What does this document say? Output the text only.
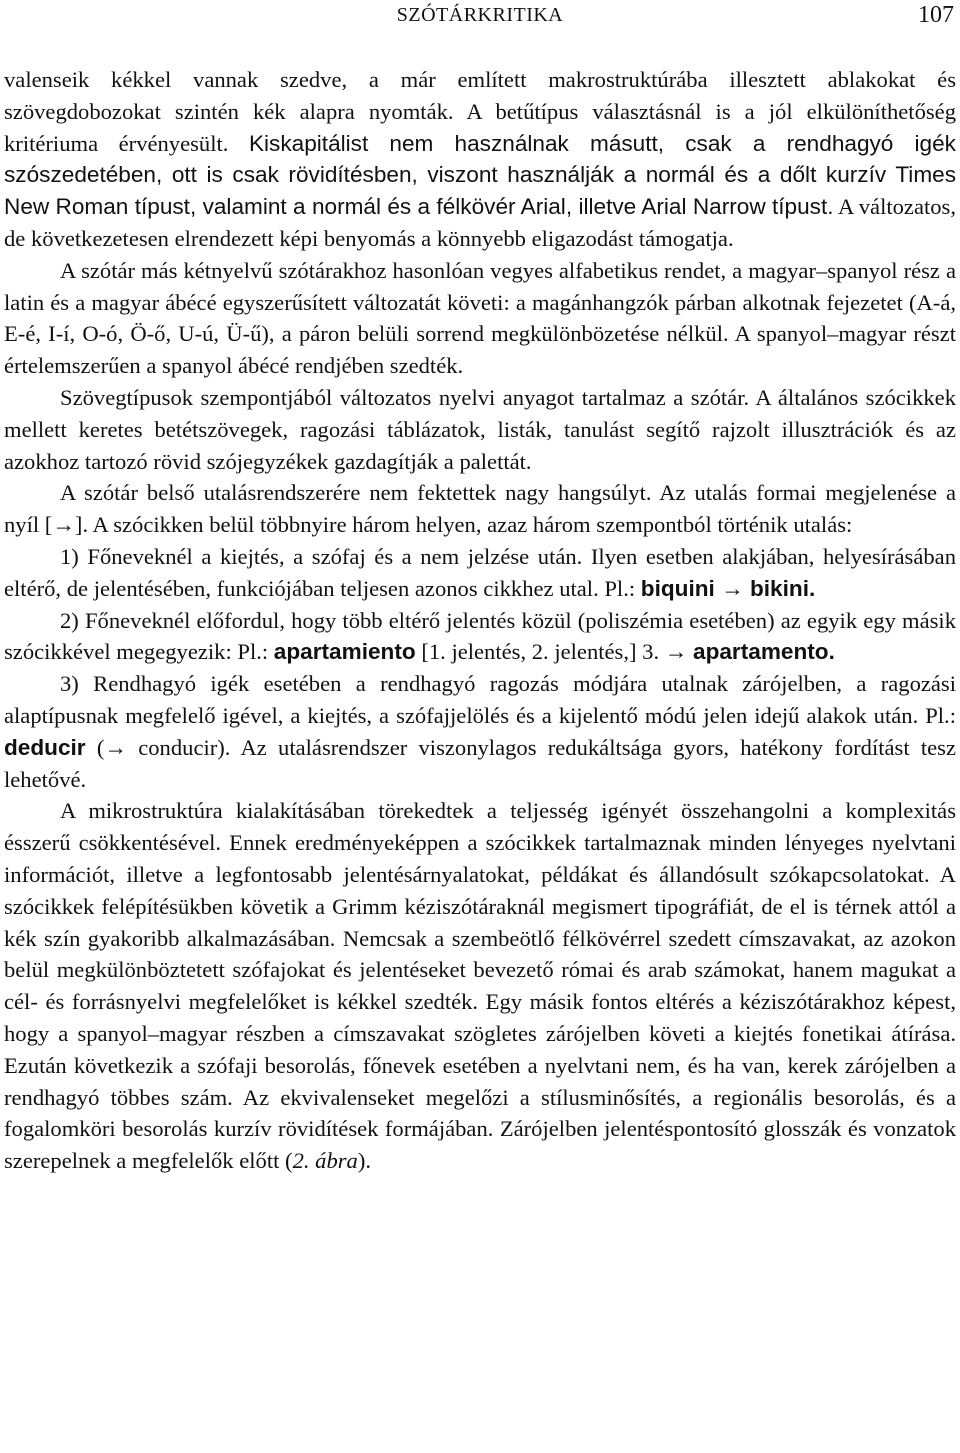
SZÓTÁRKRITIKA	107

valenseik kékkel vannak szedve, a már említett makrostruktúrába illesztett ablakokat és szövegdobozokat szintén kék alapra nyomták. A betűtípus választásnál is a jól elkülöníthetőség kritériuma érvényesült. Kiskapitálist nem használnak másutt, csak a rendhagyó igék szószedetében, ott is csak rövidítésben, viszont használják a normál és a dőlt kurzív Times New Roman típust, valamint a normál és a félkövér Arial, illetve Arial Narrow típust. A változatos, de következetesen elrendezett képi benyomás a könnyebb eligazodást támogatja.

A szótár más kétnyelvű szótárakhoz hasonlóan vegyes alfabetikus rendet, a magyar–spanyol rész a latin és a magyar ábécé egyszerűsített változatát követi: a magánhangzók párban alkotnak fejezetet (A-á, E-é, I-í, O-ó, Ö-ő, U-ú, Ü-ű), a páron belüli sorrend megkülönbözetése nélkül. A spanyol–magyar részt értelemszerűen a spanyol ábécé rendjében szedték.

Szövegtípusok szempontjából változatos nyelvi anyagot tartalmaz a szótár. A általános szócikkek mellett keretes betétszövegek, ragozási táblázatok, listák, tanulást segítő rajzolt illusztrációk és az azokhoz tartozó rövid szójegyzékek gazdagítják a palettát.

A szótár belső utalásrendszerére nem fektettek nagy hangsúlyt. Az utalás formai megjelenése a nyíl [→]. A szócikken belül többnyire három helyen, azaz három szempontból történik utalás:

1) Főneveknél a kiejtés, a szófaj és a nem jelzése után. Ilyen esetben alakjában, helyesírásában eltérő, de jelentésében, funkciójában teljesen azonos cikkhez utal. Pl.: biquini → bikini.

2) Főneveknél előfordul, hogy több eltérő jelentés közül (poliszémia esetében) az egyik egy másik szócikkével megegyezik: Pl.: apartamiento [1. jelentés, 2. jelentés,] 3. → apartamento.

3) Rendhagyó igék esetében a rendhagyó ragozás módjára utalnak zárójelben, a ragozási alaptípusnak megfelelő igével, a kiejtés, a szófajjelölés és a kijelentő módú jelen idejű alakok után. Pl.: deducir (→ conducir). Az utalásrendszer viszonylagos redukáltsága gyors, hatékony fordítást tesz lehetővé.

A mikrostruktúra kialakításában törekedtek a teljesség igényét összehangolni a komplexitás ésszerű csökkentésével. Ennek eredményeképpen a szócikkek tartalmaznak minden lényeges nyelvtani információt, illetve a legfontosabb jelentésárnyalatokat, példákat és állandósult szókapcsolatokat. A szócikkek felépítésükben követik a Grimm kéziszótáraknál megismert tipográfiát, de el is térnek attól a kék szín gyakoribb alkalmazásában. Nemcsak a szembeötlő félkövérrel szedett címszavakat, az azokon belül megkülönböztetett szófajokat és jelentéseket bevezető római és arab számokat, hanem magukat a cél- és forrásnyelvi megfelelőket is kékkel szedték. Egy másik fontos eltérés a kéziszótárakhoz képest, hogy a spanyol–magyar részben a címszavakat szögletes zárójelben követi a kiejtés fonetikai átírása. Ezután következik a szófaji besorolás, főnevek esetében a nyelvtani nem, és ha van, kerek zárójelben a rendhagyó többes szám. Az ekvivalenseket megelőzi a stílusminősítés, a regionális besorolás, és a fogalomköri besorolás kurzív rövidítések formájában. Zárójelben jelentéspontosító glosszák és vonzatok szerepelnek a megfelelők előtt (2. ábra).
